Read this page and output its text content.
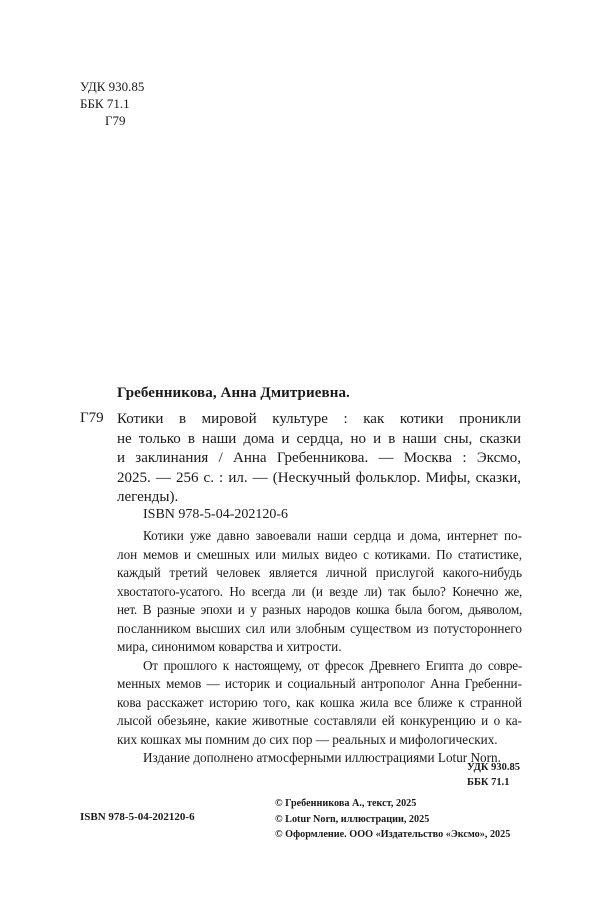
УДК 930.85
ББК 71.1
Г79
Гребенникова, Анна Дмитриевна.
Г79 Котики в мировой культуре : как котики проникли
не только в наши дома и сердца, но и в наши сны, сказки
и заклинания / Анна Гребенникова. — Москва : Эксмо,
2025. — 256 с. : ил. — (Нескучный фольклор. Мифы, сказки,
легенды).
ISBN 978-5-04-202120-6
Котики уже давно завоевали наши сердца и дома, интернет по-
лон мемов и смешных или милых видео с котиками. По статистике,
каждый третий человек является личной прислугой какого-нибудь
хвостатого-усатого. Но всегда ли (и везде ли) так было? Конечно же,
нет. В разные эпохи и у разных народов кошка была богом, дьяволом,
посланником высших сил или злобным существом из потустороннего
мира, синонимом коварства и хитрости.
От прошлого к настоящему, от фресок Древнего Египта до совре-
менных мемов — историк и социальный антрополог Анна Гребенни-
кова расскажет историю того, как кошка жила все ближе к странной
лысой обезьяне, какие животные составляли ей конкуренцию и о ка-
ких кошках мы помним до сих пор — реальных и мифологических.
Издание дополнено атмосферными иллюстрациями Lotur Norn.
УДК 930.85
ББК 71.1
ISBN 978-5-04-202120-6
© Гребенникова А., текст, 2025
© Lotur Norn, иллюстрации, 2025
© Оформление. ООО «Издательство «Эксмо», 2025
